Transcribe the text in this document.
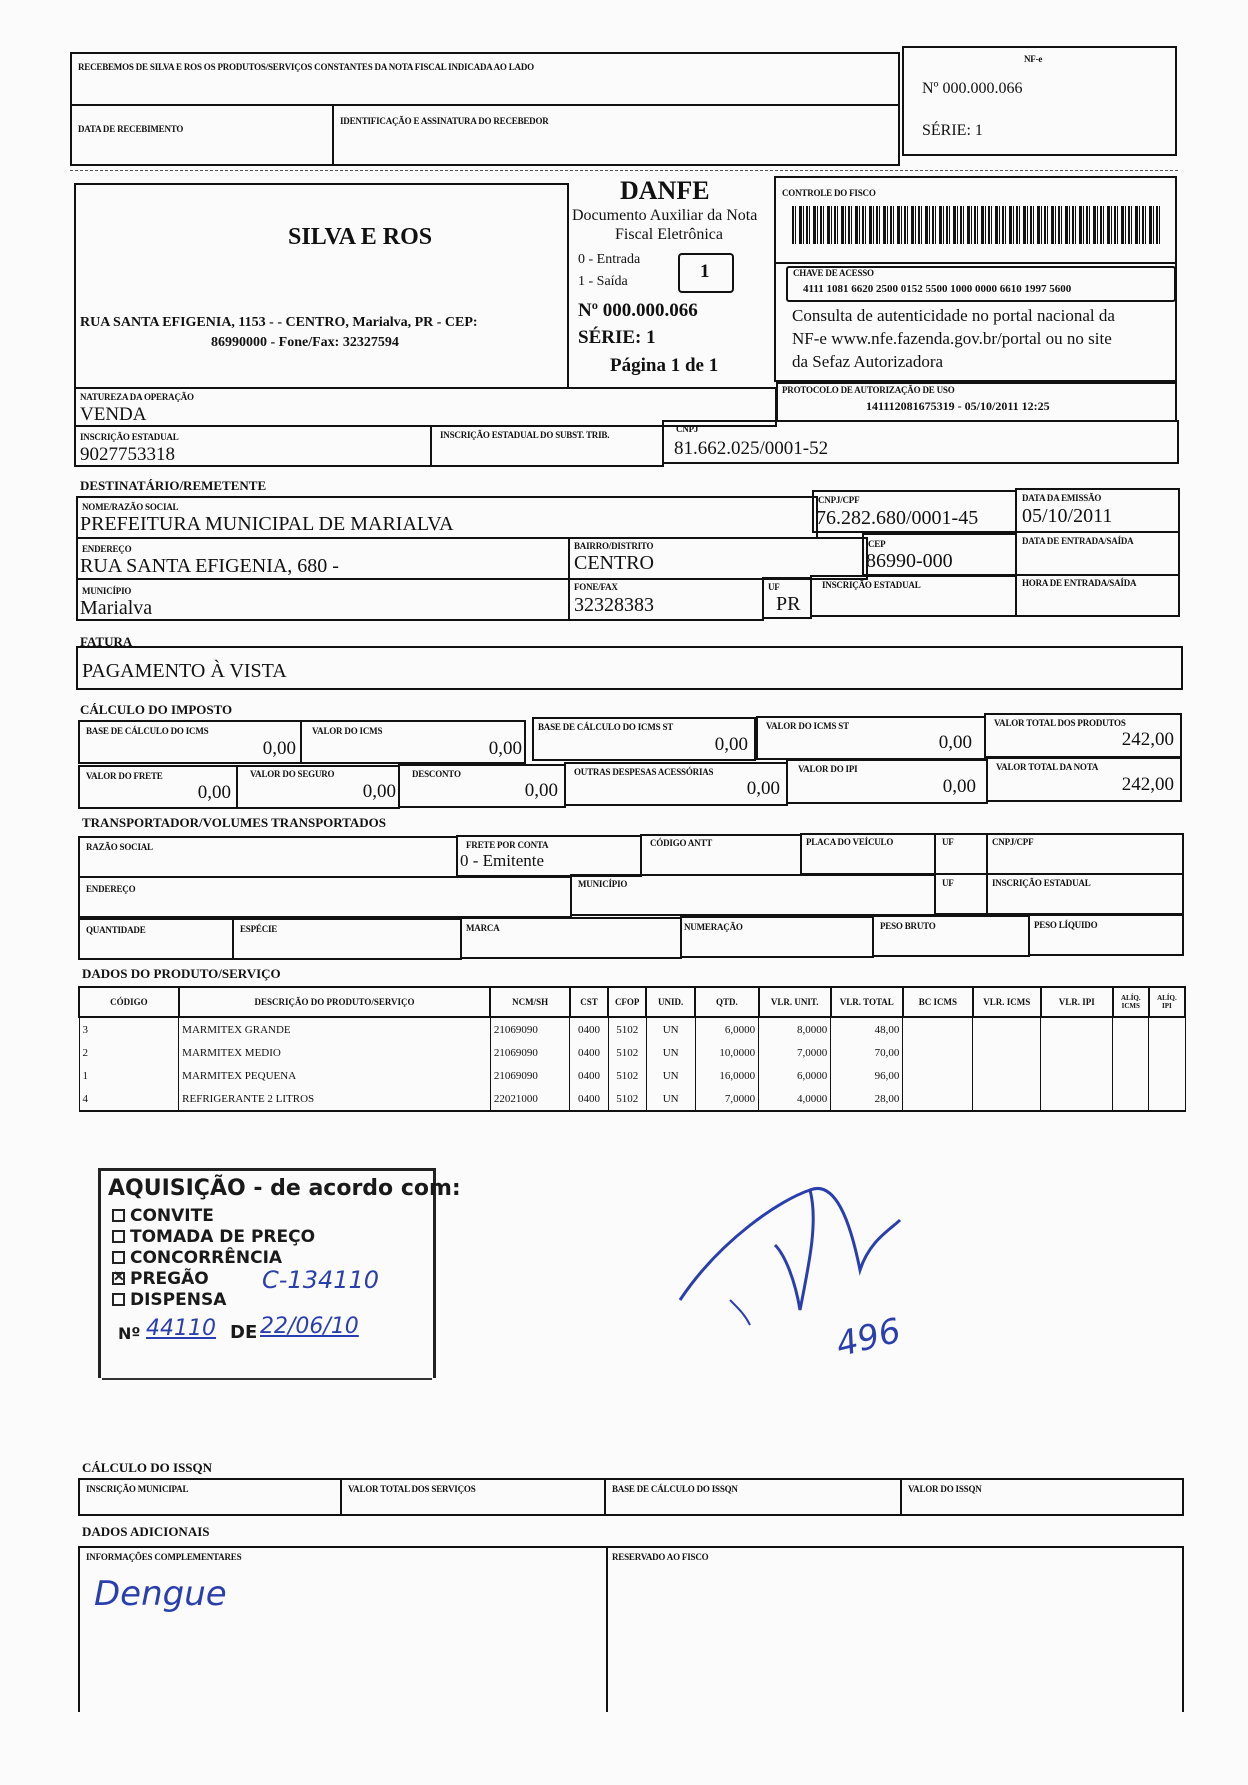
RECEBEMOS DE SILVA E ROS OS PRODUTOS/SERVIÇOS CONSTANTES DA NOTA FISCAL INDICADA AO LADO
DATA DE RECEBIMENTO
IDENTIFICAÇÃO E ASSINATURA DO RECEBEDOR
NF-e
Nº 000.000.066
SÉRIE: 1
SILVA E ROS
RUA SANTA EFIGENIA, 1153 - - CENTRO, Marialva, PR - CEP:
86990000 - Fone/Fax: 32327594
DANFE
Documento Auxiliar da Nota
Fiscal Eletrônica
0 - Entrada
1 - Saída	1
Nº 000.000.066
SÉRIE: 1
Página 1 de 1
CONTROLE DO FISCO
CHAVE DE ACESSO
4111 1081 6620 2500 0152 5500 1000 0000 6610 1997 5600
Consulta de autenticidade no portal nacional da
NF-e www.nfe.fazenda.gov.br/portal ou no site
da Sefaz Autorizadora
NATUREZA DA OPERAÇÃO
VENDA
PROTOCOLO DE AUTORIZAÇÃO DE USO
141112081675319 - 05/10/2011 12:25
INSCRIÇÃO ESTADUAL
9027753318
INSCRIÇÃO ESTADUAL DO SUBST. TRIB.
CNPJ
81.662.025/0001-52
DESTINATÁRIO/REMETENTE
NOME/RAZÃO SOCIAL
PREFEITURA MUNICIPAL DE MARIALVA
CNPJ/CPF
76.282.680/0001-45
DATA DA EMISSÃO
05/10/2011
ENDEREÇO
RUA SANTA EFIGENIA, 680 -
BAIRRO/DISTRITO
CENTRO
CEP
86990-000
DATA DE ENTRADA/SAÍDA
MUNICÍPIO
Marialva
FONE/FAX
32328383
UF
PR
INSCRIÇÃO ESTADUAL	HORA DE ENTRADA/SAÍDA
FATURA
PAGAMENTO À VISTA
CÁLCULO DO IMPOSTO
BASE DE CÁLCULO DO ICMS
0,00
VALOR DO ICMS
0,00
BASE DE CÁLCULO DO ICMS ST
0,00
VALOR DO ICMS ST
0,00
VALOR TOTAL DOS PRODUTOS
242,00
VALOR DO FRETE
0,00
VALOR DO SEGURO
0,00
DESCONTO
0,00
OUTRAS DESPESAS ACESSÓRIAS
0,00
VALOR DO IPI
0,00
VALOR TOTAL DA NOTA
242,00
TRANSPORTADOR/VOLUMES TRANSPORTADOS
RAZÃO SOCIAL	FRETE POR CONTA
0 - Emitente
CÓDIGO ANTT	PLACA DO VEÍCULO	UF	CNPJ/CPF
ENDEREÇO	MUNICÍPIO	UF	INSCRIÇÃO ESTADUAL
QUANTIDADE	ESPÉCIE	MARCA	NUMERAÇÃO	PESO BRUTO	PESO LÍQUIDO
DADOS DO PRODUTO/SERVIÇO
CÓDIGO	DESCRIÇÃO DO PRODUTO/SERVIÇO	NCM/SH	CST	CFOP	UNID.	QTD.	VLR. UNIT.	VLR. TOTAL	BC ICMS	VLR. ICMS	VLR. IPI	ALÍQ. ICMS	ALÍQ. IPI
3	MARMITEX GRANDE	21069090	0400	5102	UN	6,0000	8,0000	48,00					
2	MARMITEX MEDIO	21069090	0400	5102	UN	10,0000	7,0000	70,00					
1	MARMITEX PEQUENA	21069090	0400	5102	UN	16,0000	6,0000	96,00					
4	REFRIGERANTE 2 LITROS	22021000	0400	5102	UN	7,0000	4,0000	28,00					
AQUISIÇÃO - de acordo com:
CONVITE
TOMADA DE PREÇO
CONCORRÊNCIA
✕ PREGÃO
DISPENSA
Nº 44110 DE 22/06/10
C-134110
496
CÁLCULO DO ISSQN
INSCRIÇÃO MUNICIPAL	VALOR TOTAL DOS SERVIÇOS	BASE DE CÁLCULO DO ISSQN	VALOR DO ISSQN
DADOS ADICIONAIS
INFORMAÇÕES COMPLEMENTARES
Dengue
RESERVADO AO FISCO
